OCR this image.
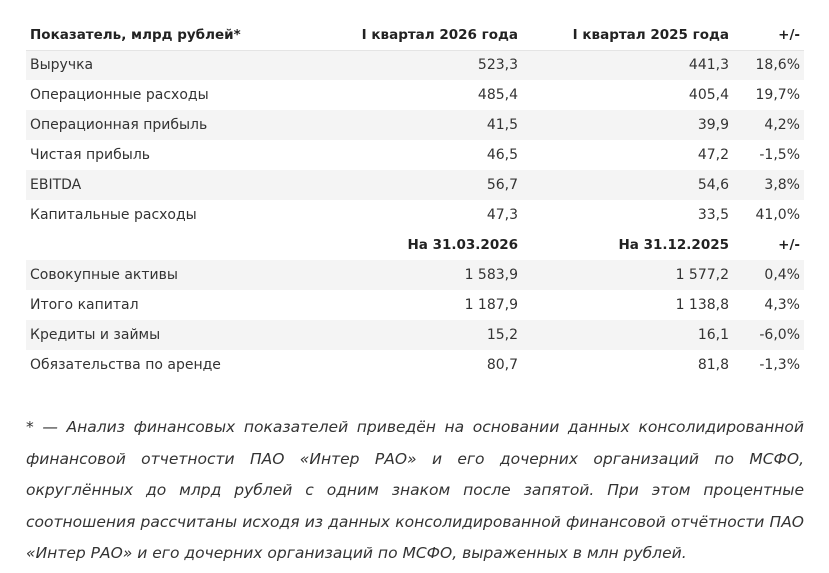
Показатель, млрд рублей*	I квартал 2026 года	I квартал 2025 года	+/-
Выручка	523,3	441,3	18,6%
Операционные расходы	485,4	405,4	19,7%
Операционная прибыль	41,5	39,9	4,2%
Чистая прибыль	46,5	47,2	-1,5%
EBITDA	56,7	54,6	3,8%
Капитальные расходы	47,3	33,5	41,0%
	На 31.03.2026	На 31.12.2025	+/-
Совокупные активы	1 583,9	1 577,2	0,4%
Итого капитал	1 187,9	1 138,8	4,3%
Кредиты и займы	15,2	16,1	-6,0%
Обязательства по аренде	80,7	81,8	-1,3%

* — Анализ финансовых показателей приведён на основании данных консолидированной финансовой отчетности ПАО «Интер РАО» и его дочерних организаций по МСФО, округлённых до млрд рублей с одним знаком после запятой. При этом процентные соотношения рассчитаны исходя из данных консолидированной финансовой отчётности ПАО «Интер РАО» и его дочерних организаций по МСФО, выраженных в млн рублей.
